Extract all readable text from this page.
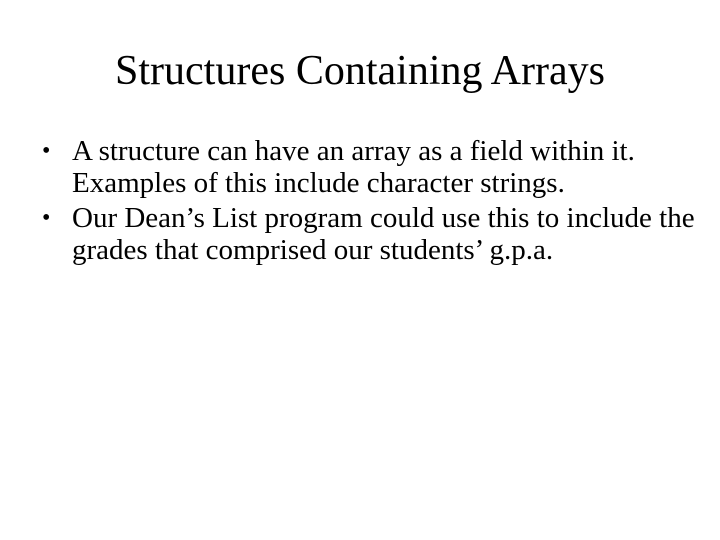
Structures Containing Arrays
• A structure can have an array as a field within it. Examples of this include character strings.
• Our Dean’s List program could use this to include the grades that comprised our students’ g.p.a.
